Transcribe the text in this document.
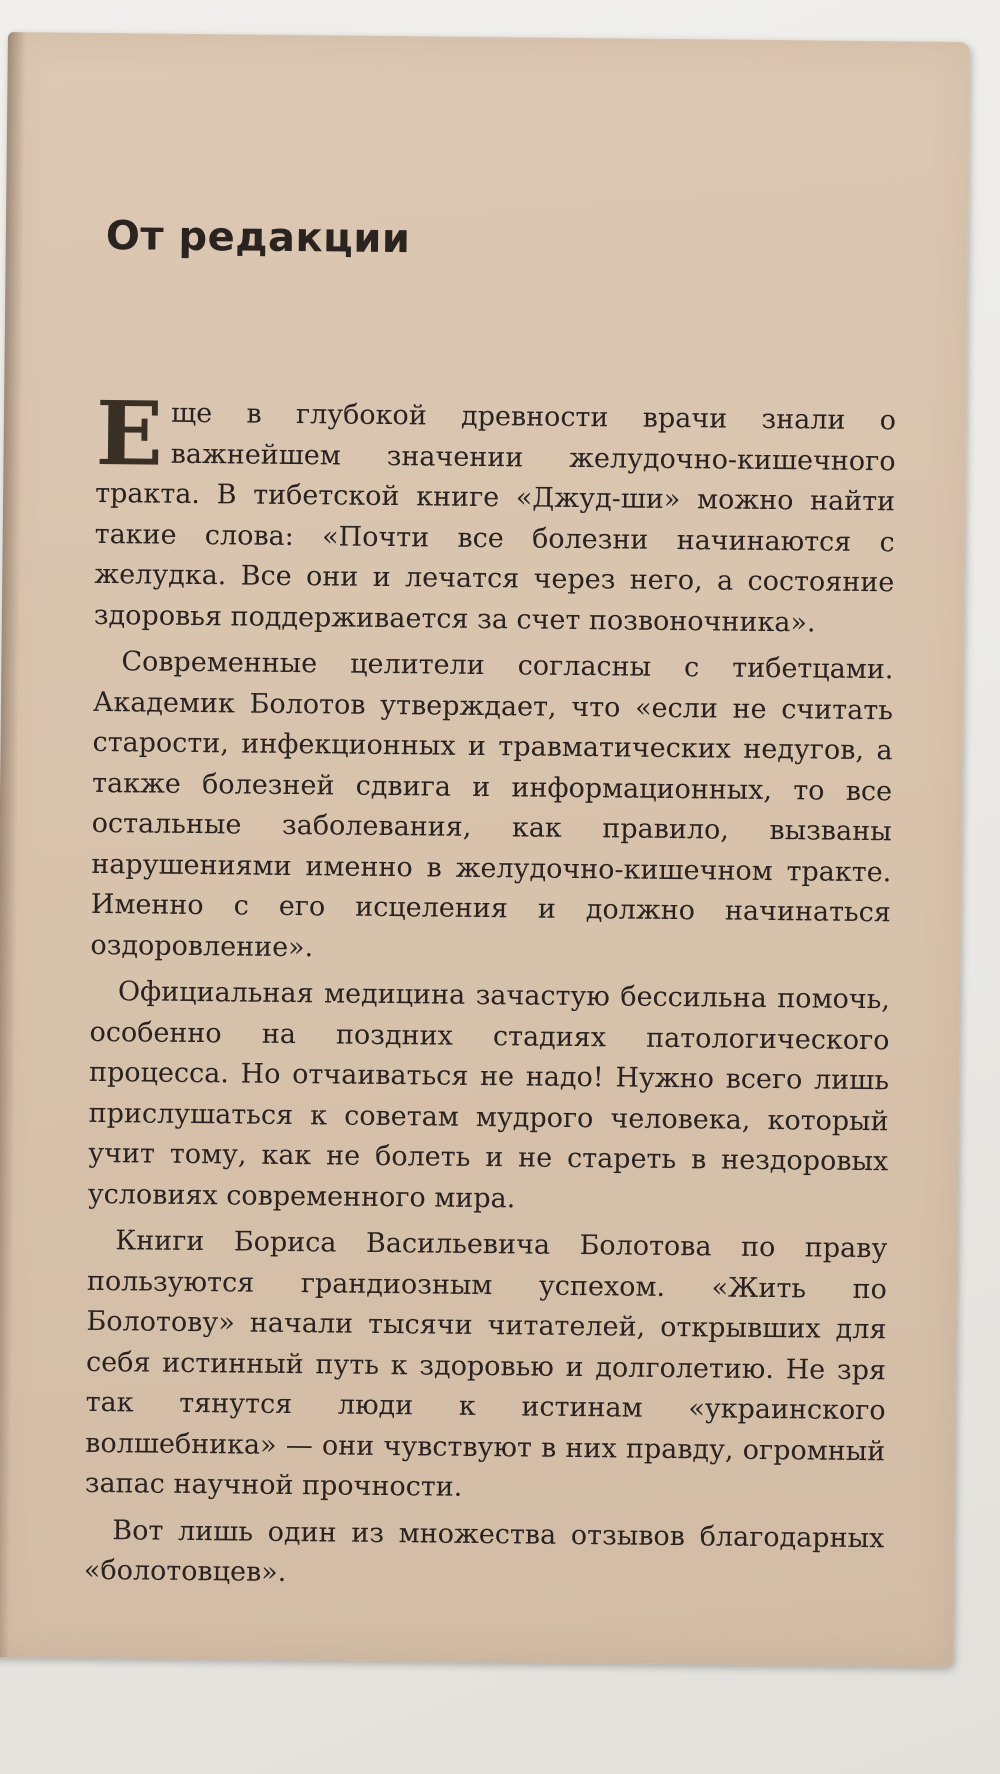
От редакции

Еще в глубокой древности врачи знали о важнейшем значении желудочно-кишечного тракта. В тибетской книге «Джуд-ши» можно найти такие слова: «Почти все болезни начинаются с желудка. Все они и лечатся через него, а состояние здоровья поддерживается за счет позвоночника».

Современные целители согласны с тибетцами. Академик Болотов утверждает, что «если не считать старости, инфекционных и травматических недугов, а также болезней сдвига и информационных, то все остальные заболевания, как правило, вызваны нарушениями именно в желудочно-кишечном тракте. Именно с его исцеления и должно начинаться оздоровление».

Официальная медицина зачастую бессильна помочь, особенно на поздних стадиях патологического процесса. Но отчаиваться не надо! Нужно всего лишь прислушаться к советам мудрого человека, который учит тому, как не болеть и не стареть в нездоровых условиях современного мира.

Книги Бориса Васильевича Болотова по праву пользуются грандиозным успехом. «Жить по Болотову» начали тысячи читателей, открывших для себя истинный путь к здоровью и долголетию. Не зря так тянутся люди к истинам «украинского волшебника» — они чувствуют в них правду, огромный запас научной прочности.

Вот лишь один из множества отзывов благодарных «болотовцев».
